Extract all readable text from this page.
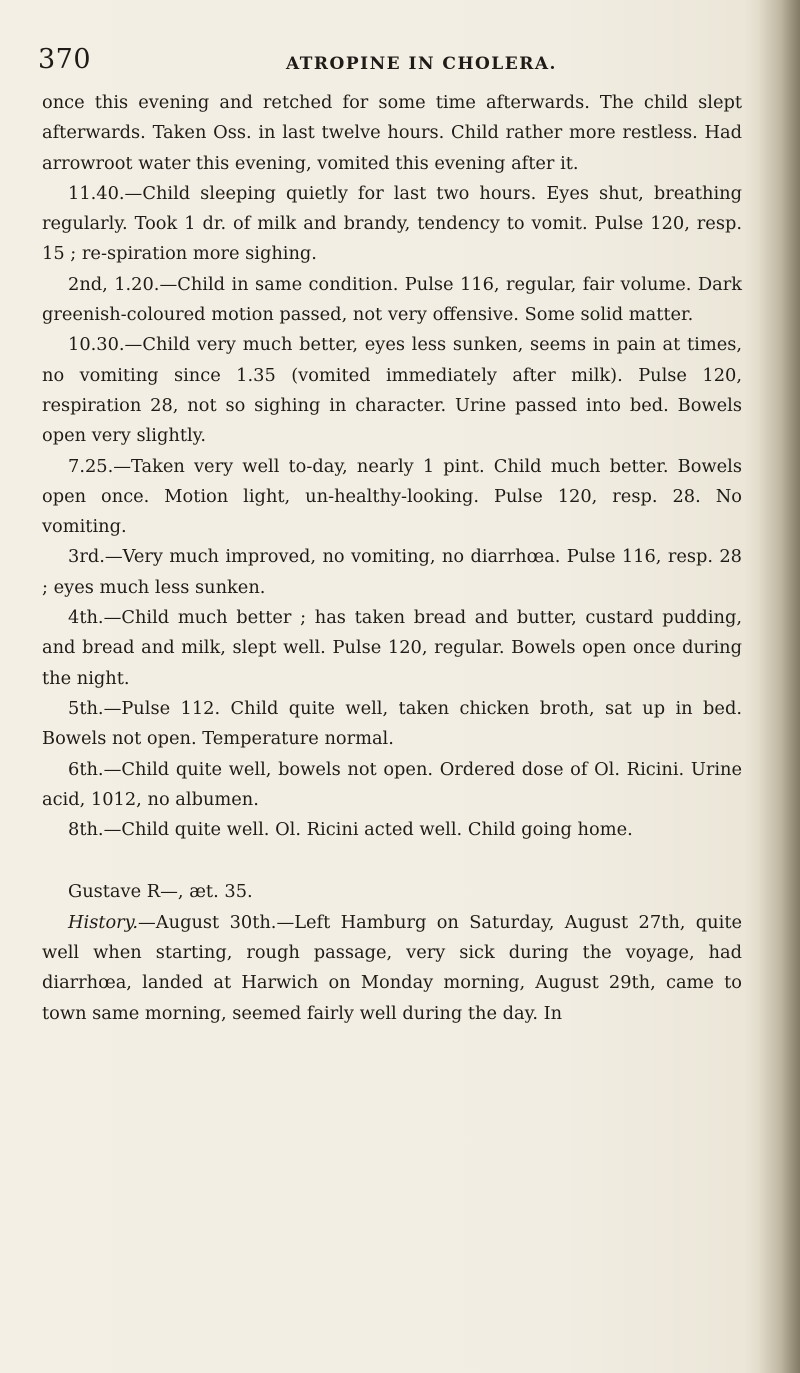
370	ATROPINE IN CHOLERA.

once this evening and retched for some time afterwards. The child slept afterwards. Taken Oss. in last twelve hours. Child rather more restless. Had arrowroot water this evening, vomited this evening after it.

11.40.—Child sleeping quietly for last two hours. Eyes shut, breathing regularly. Took 1 dr. of milk and brandy, tendency to vomit. Pulse 120, resp. 15 ; re-spiration more sighing.

2nd, 1.20.—Child in same condition. Pulse 116, regular, fair volume. Dark greenish-coloured motion passed, not very offensive. Some solid matter.

10.30.—Child very much better, eyes less sunken, seems in pain at times, no vomiting since 1.35 (vomited immediately after milk). Pulse 120, respiration 28, not so sighing in character. Urine passed into bed. Bowels open very slightly.

7.25.—Taken very well to-day, nearly 1 pint. Child much better. Bowels open once. Motion light, un-healthy-looking. Pulse 120, resp. 28. No vomiting.

3rd.—Very much improved, no vomiting, no diarrhœa. Pulse 116, resp. 28 ; eyes much less sunken.

4th.—Child much better ; has taken bread and butter, custard pudding, and bread and milk, slept well. Pulse 120, regular. Bowels open once during the night.

5th.—Pulse 112. Child quite well, taken chicken broth, sat up in bed. Bowels not open. Temperature normal.

6th.—Child quite well, bowels not open. Ordered dose of Ol. Ricini. Urine acid, 1012, no albumen.

8th.—Child quite well. Ol. Ricini acted well. Child going home.

Gustave R—, æt. 35.

History.—August 30th.—Left Hamburg on Saturday, August 27th, quite well when starting, rough passage, very sick during the voyage, had diarrhœa, landed at Harwich on Monday morning, August 29th, came to town same morning, seemed fairly well during the day. In
